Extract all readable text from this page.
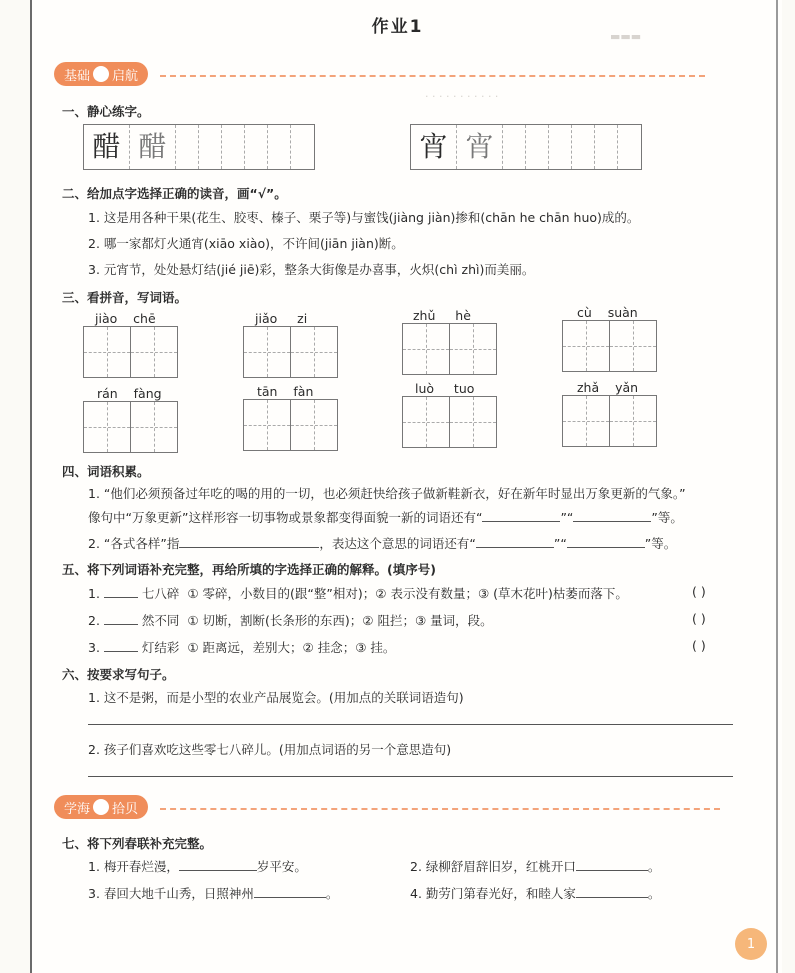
▬▬▬
· · · · · · · · · · ·
作业1
基础 启航
一、静心练字。
醋 醋	宵 宵
二、给加点字选择正确的读音，画“√”。
1. 这是用各种干果(花生、胶枣、榛子、栗子等)与蜜饯(jiàng jiàn)掺和(chān he chān huo)成的。
2. 哪一家都灯火通宵(xiāo xiào)，不许间(jiān jiàn)断。
3. 元宵节，处处悬灯结(jié jiē)彩，整条大街像是办喜事，火炽(chì zhì)而美丽。
三、看拼音，写词语。
jiào chē	jiǎo zi	zhǔ hè	cù suàn
rán fàng	tān fàn	luò tuo	zhǎ yǎn
四、词语积累。
1. “他们必须预备过年吃的喝的用的一切，也必须赶快给孩子做新鞋新衣，好在新年时显出万象更新的气象。”
像句中“万象更新”这样形容一切事物或景象都变得面貌一新的词语还有“	”“	”等。
2. “各式各样”指	，表达这个意思的词语还有“	”“	”等。
五、将下列词语补充完整，再给所填的字选择正确的解释。(填序号)
1.	七八碎 ① 零碎，小数目的(跟“整”相对)；② 表示没有数量；③ (草木花叶)枯萎而落下。	( )
2.	然不同 ① 切断，割断(长条形的东西)；② 阻拦；③ 量词，段。	( )
3.	灯结彩 ① 距离远，差别大；② 挂念；③ 挂。	( )
六、按要求写句子。
1. 这不是粥，而是小型的农业产品展览会。(用加点的关联词语造句)
2. 孩子们喜欢吃这些零七八碎儿。(用加点词语的另一个意思造句)
学海 拾贝
七、将下列春联补充完整。
1. 梅开春烂漫，	岁平安。	2. 绿柳舒眉辞旧岁，红桃开口	。
3. 春回大地千山秀，日照神州	。	4. 勤劳门第春光好，和睦人家	。
1
